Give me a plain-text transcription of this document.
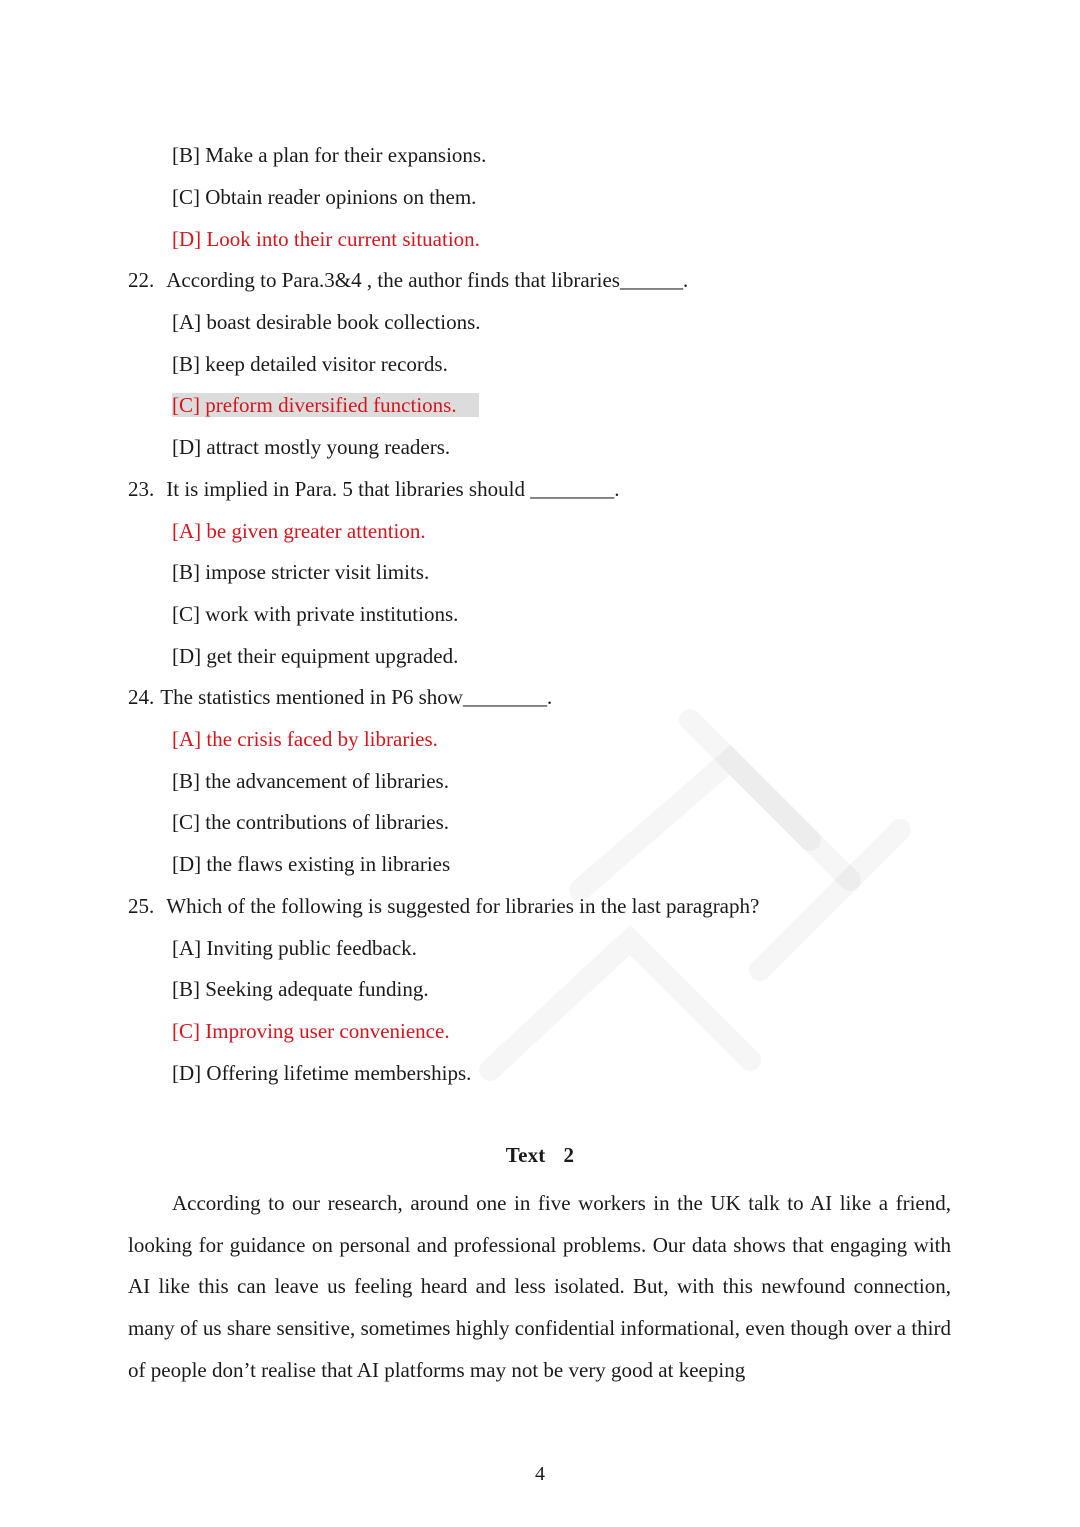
[B] Make a plan for their expansions.
[C] Obtain reader opinions on them.
[D] Look into their current situation.
22. According to Para.3&4 , the author finds that libraries______.
[A] boast desirable book collections.
[B] keep detailed visitor records.
[C] preform diversified functions.
[D] attract mostly young readers.
23. It is implied in Para. 5 that libraries should ________.
[A] be given greater attention.
[B] impose stricter visit limits.
[C] work with private institutions.
[D] get their equipment upgraded.
24. The statistics mentioned in P6 show________.
[A] the crisis faced by libraries.
[B] the advancement of libraries.
[C] the contributions of libraries.
[D] the flaws existing in libraries
25. Which of the following is suggested for libraries in the last paragraph?
[A] Inviting public feedback.
[B] Seeking adequate funding.
[C] Improving user convenience.
[D] Offering lifetime memberships.
Text 2

According to our research, around one in five workers in the UK talk to AI like a friend, looking for guidance on personal and professional problems. Our data shows that engaging with AI like this can leave us feeling heard and less isolated. But, with this newfound connection, many of us share sensitive, sometimes highly confidential informational, even though over a third of people don’t realise that AI platforms may not be very good at keeping

4
